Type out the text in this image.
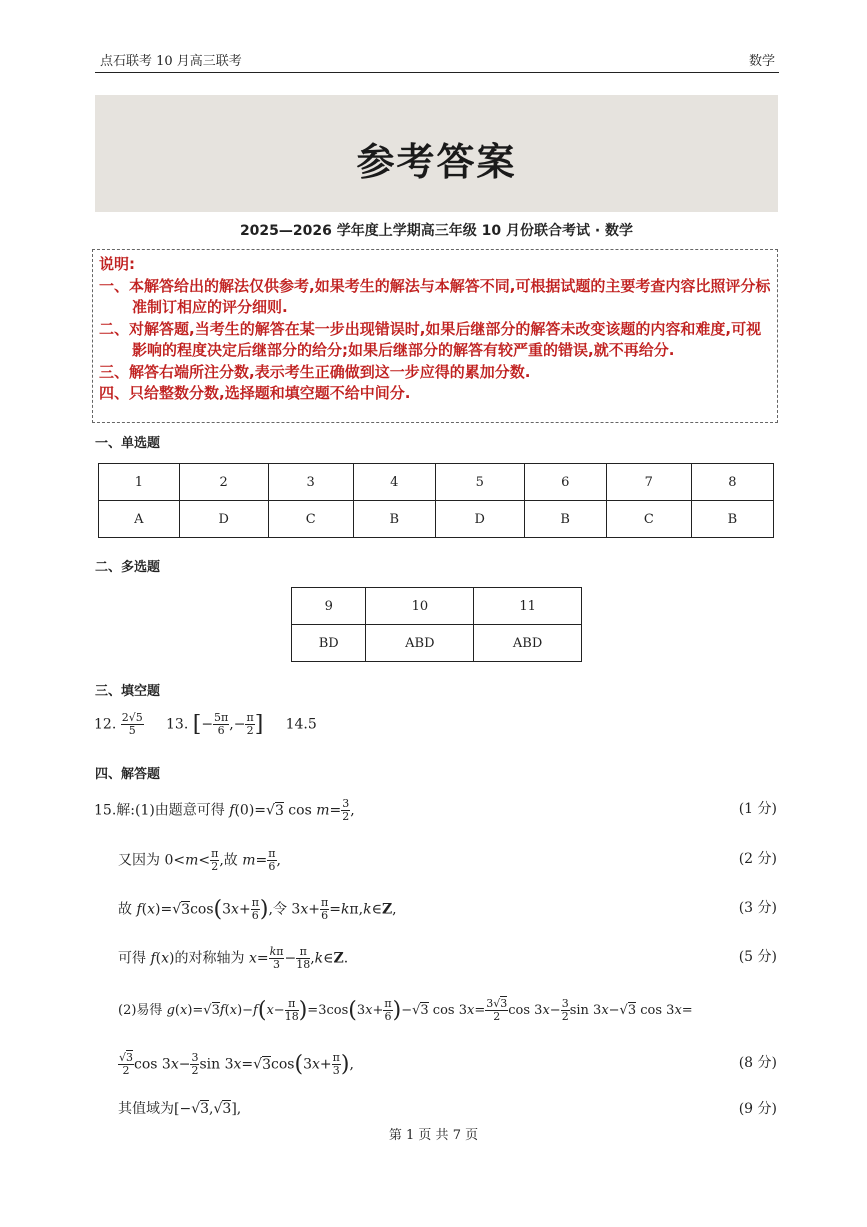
点石联考 10 月高三联考	数学
参考答案
2025—2026 学年度上学期高三年级 10 月份联合考试 · 数学
说明:
一、本解答给出的解法仅供参考,如果考生的解法与本解答不同,可根据试题的主要考查内容比照评分标准制订相应的评分细则.
二、对解答题,当考生的解答在某一步出现错误时,如果后继部分的解答未改变该题的内容和难度,可视影响的程度决定后继部分的给分;如果后继部分的解答有较严重的错误,就不再给分.
三、解答右端所注分数,表示考生正确做到这一步应得的累加分数.
四、只给整数分数,选择题和填空题不给中间分.
一、单选题
1	2	3	4	5	6	7	8
A	D	C	B	D	B	C	B
二、多选题
9	10	11
BD	ABD	ABD
三、填空题
12. $\frac{2√5}{5} 13$. [− $\frac{5\pi}{6}$ ,− $\frac{\pi}{2}$ ] 14.5
四、解答题
15.解:(1)由题意可得 f(0)=√3 $\cos m= \frac{3}{2}$ ,	(1 分)
又因为 $0<m< \frac{\pi}{2}$ ,故 $m= \frac{\pi}{6}$ ,	(2 分)
故 $f(x)=√3\cos(3x+ \frac{\pi}{6}$ ),令 $3x+ \frac{\pi}{6}$ =kπ,k∈Z,	(3 分)
可得 f(x)的对称轴为 $x= \frac{k\pi}{3} - \frac{\pi}{18}$ ,k∈Z.	(5 分)
(2)易得 $g(x)=√3f(x)-f(x- \frac{\pi}{18} )=3\cos(3x+ \frac{\pi}{6} )-√3$ $\cos 3x= \frac{3√3}{2}$ $\cos 3x- \frac{3}{2}$ sin 3x−√3 cos 3x=
$\frac{√3}{2}$ $\cos 3x- \frac{3}{2}$ $\sin 3x=√3\cos(3x+ \frac{\pi}{3}$ ),	(8 分)
其值域为[−√3,√3],	(9 分)
第 1 页 共 7 页
